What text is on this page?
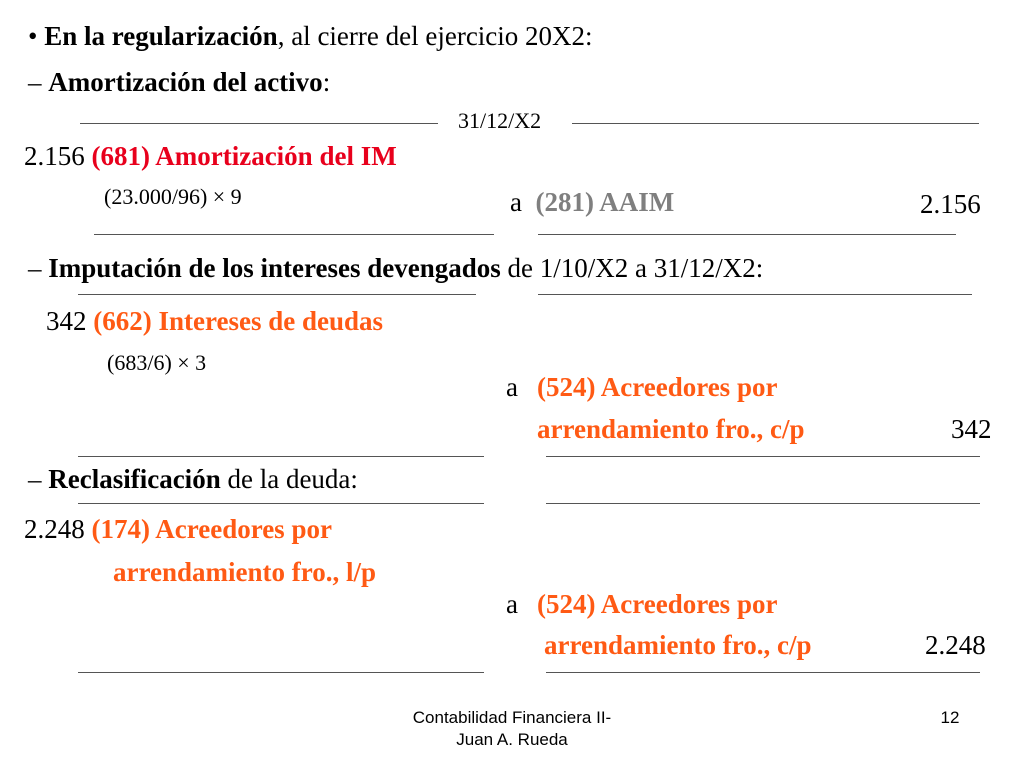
• En la regularización, al cierre del ejercicio 20X2:
– Amortización del activo:
31/12/X2
2.156 (681) Amortización del IM
(23.000/96) × 9	a (281) AAIM	2.156
– Imputación de los intereses devengados de 1/10/X2 a 31/12/X2:
342 (662) Intereses de deudas
(683/6) × 3
a (524) Acreedores por
arrendamiento fro., c/p	342
– Reclasificación de la deuda:
2.248 (174) Acreedores por
arrendamiento fro., l/p
a (524) Acreedores por
arrendamiento fro., c/p	2.248
Contabilidad Financiera II-
Juan A. Rueda
12
